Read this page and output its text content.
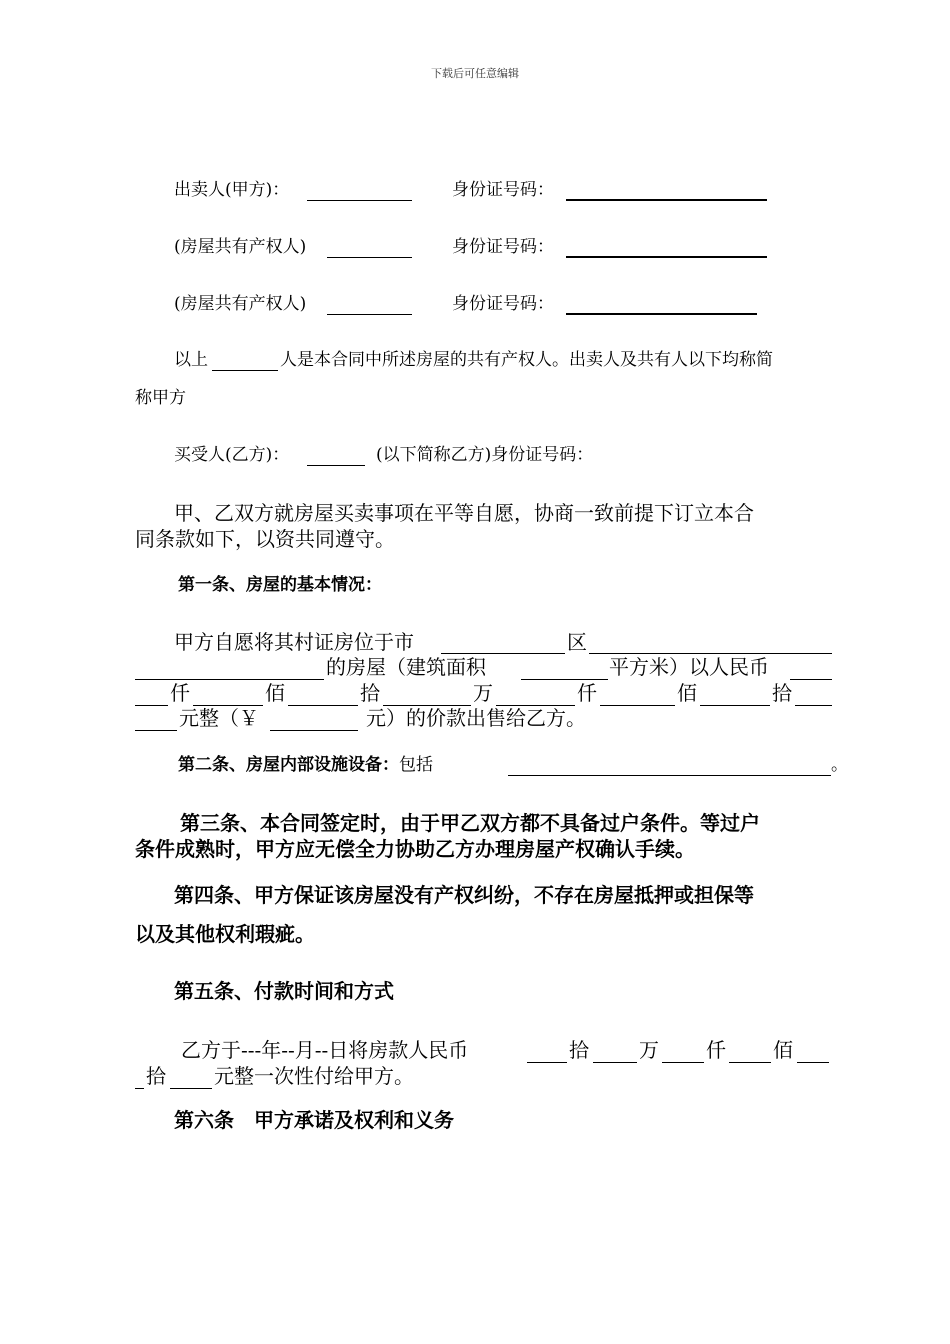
下载后可任意编辑
出卖人(甲方)：	身份证号码：
(房屋共有产权人)	身份证号码：
(房屋共有产权人)	身份证号码：
以上	人是本合同中所述房屋的共有产权人。出卖人及共有人以下均称简
称甲方
买受人(乙方)：	(以下简称乙方)身份证号码：
甲、乙双方就房屋买卖事项在平等自愿，协商一致前提下订立本合
同条款如下，以资共同遵守。
第一条、房屋的基本情况：
甲方自愿将其村证房位于市	区
的房屋（建筑面积	平方米）以人民币
仟	佰	拾	万	仟	佰	拾
元整（￥	元）的价款出售给乙方。
第二条、房屋内部设施设备：包括	。
第三条、本合同签定时，由于甲乙双方都不具备过户条件。等过户
条件成熟时，甲方应无偿全力协助乙方办理房屋产权确认手续。
第四条、甲方保证该房屋没有产权纠纷，不存在房屋抵押或担保等
以及其他权利瑕疵。
第五条、付款时间和方式
乙方于---年--月--日将房款人民币	拾	万 仟 佰
拾 元整一次性付给甲方。
第六条　甲方承诺及权利和义务
